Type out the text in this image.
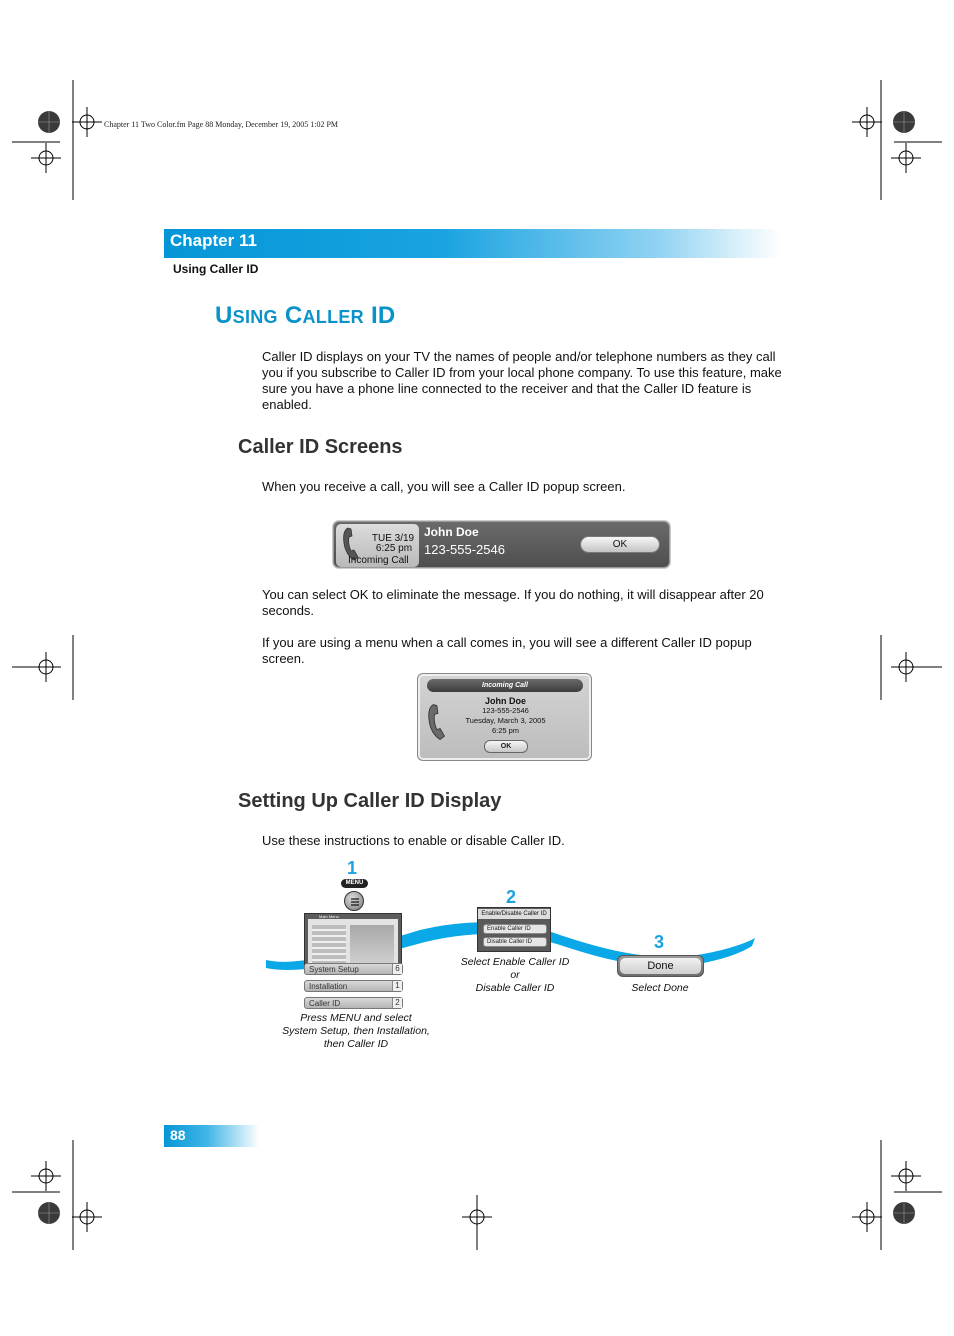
Chapter 11 Two Color.fm Page 88 Monday, December 19, 2005 1:02 PM
Chapter 11
Using Caller ID
USING CALLER ID

Caller ID displays on your TV the names of people and/or telephone numbers as they call you if you subscribe to Caller ID from your local phone company. To use this feature, make sure you have a phone line connected to the receiver and that the Caller ID feature is enabled.

Caller ID Screens

When you receive a call, you will see a Caller ID popup screen.

TUE 3/19
6:25 pm
Incoming Call
John Doe
123-555-2546	OK

You can select OK to eliminate the message. If you do nothing, it will disappear after 20 seconds.

If you are using a menu when a call comes in, you will see a different Caller ID popup screen.

Incoming Call
John Doe
123-555-2546
Tuesday, March 3, 2005
6:25 pm
OK
Setting Up Caller ID Display

Use these instructions to enable or disable Caller ID.

1
MENU
Main Menu
System Setup	6
Installation	1
Caller ID	2
Press MENU and select
System Setup, then Installation,
then Caller ID
2
Enable/Disable Caller ID
Enable Caller ID
Disable Caller ID
Select Enable Caller ID
or
Disable Caller ID
3
Done
Select Done
88
